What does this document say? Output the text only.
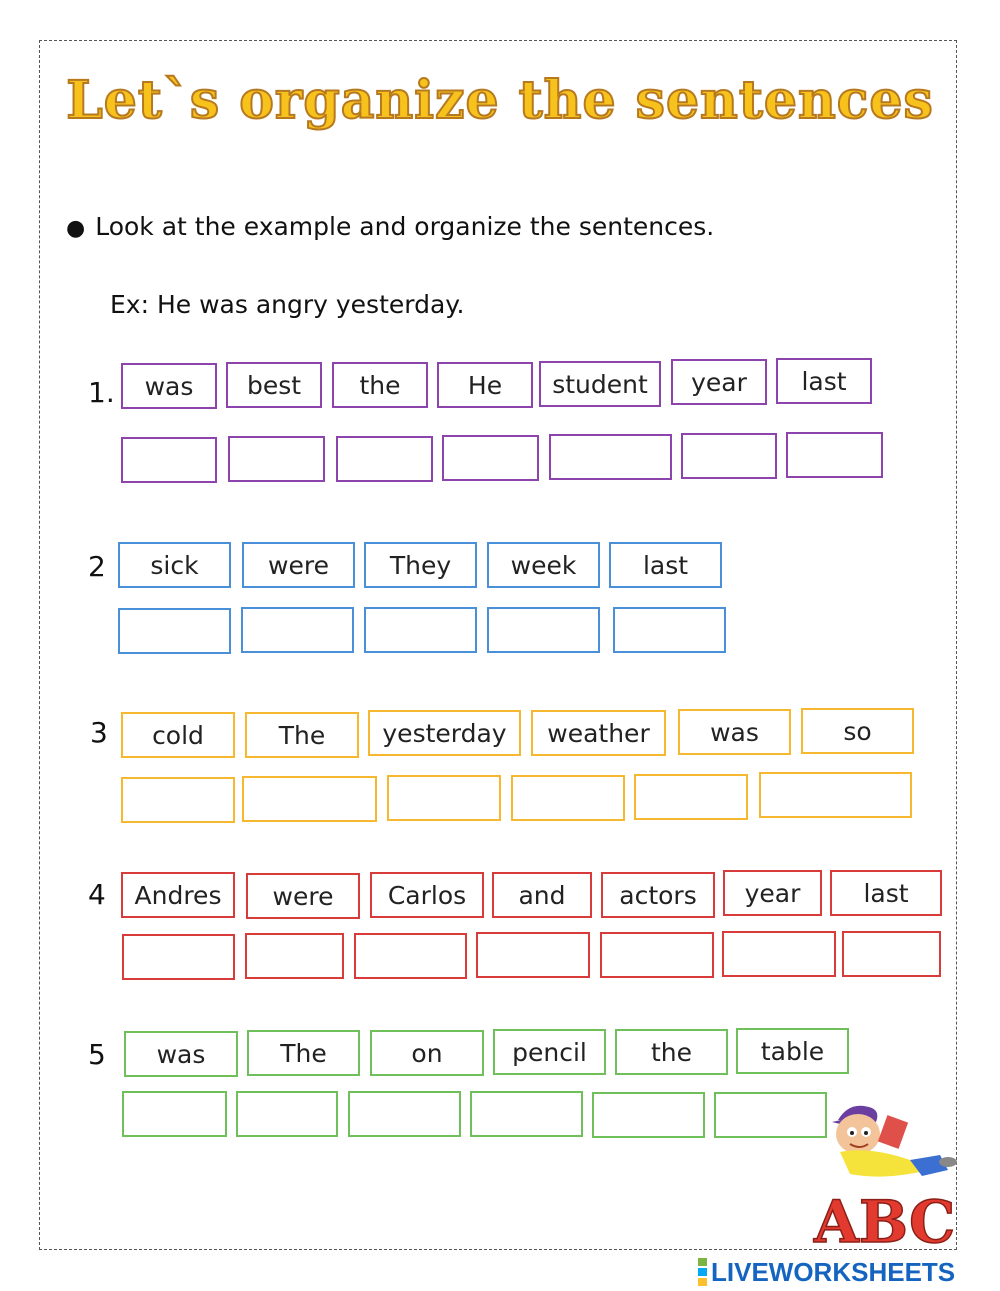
Let`s organize the sentences
● Look at the example and organize the sentences.
Ex: He was angry yesterday.
1.	was	best	the	He	student	year	last
2	sick	were	They	week	last
3	cold	The	yesterday	weather	was	so
4	Andres	were	Carlos	and	actors	year	last
5	was	The	on	pencil	the	table
ABC
LIVEWORKSHEETS
